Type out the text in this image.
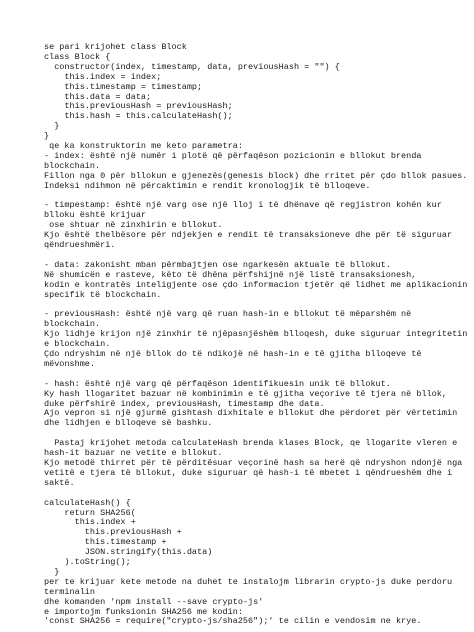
se pari krijohet class Block
class Block {
constructor(index, timestamp, data, previousHash = "") {
this.index = index;
this.timestamp = timestamp;
this.data = data;
this.previousHash = previousHash;
this.hash = this.calculateHash();
}
}
qe ka konstruktorin me keto parametra:
- index: është një numër i plotë që përfaqëson pozicionin e bllokut brenda
blockchain.
Fillon nga 0 për bllokun e gjenezës(genesis block) dhe rritet për çdo bllok pasues.
Indeksi ndihmon në përcaktimin e rendit kronologjik të blloqeve.
- timpestamp: është një varg ose një lloj i të dhënave që regjistron kohën kur
blloku është krijuar
ose shtuar në zinxhirin e bllokut.
Kjo është thelbësore për ndjekjen e rendit të transaksioneve dhe për të siguruar
qëndrueshmëri.
- data: zakonisht mban përmbajtjen ose ngarkesën aktuale të bllokut.
Në shumicën e rasteve, këto të dhëna përfshijnë një listë transaksionesh,
kodin e kontratës inteligjente ose çdo informacion tjetër që lidhet me aplikacionin
specifik të blockchain.
- previousHash: është një varg që ruan hash-in e bllokut të mëparshëm në
blockchain.
Kjo lidhje krijon një zinxhir të njëpasnjëshëm blloqesh, duke siguruar integritetin
e blockchain.
Çdo ndryshim në një bllok do të ndikojë në hash-in e të gjitha blloqeve të
mëvonshme.
- hash: është një varg që përfaqëson identifikuesin unik të bllokut.
Ky hash llogaritet bazuar në kombinimin e të gjitha veçorive të tjera në bllok,
duke përfshirë index, previousHash, timestamp dhe data.
Ajo vepron si një gjurmë gishtash dixhitale e bllokut dhe përdoret për vërtetimin
dhe lidhjen e blloqeve së bashku.
Pastaj krijohet metoda calculateHash brenda klases Block, qe llogarite vleren e
hash-it bazuar ne vetite e bllokut.
Kjo metodë thirret për të përditësuar veçorinë hash sa herë që ndryshon ndonjë nga
vetitë e tjera të bllokut, duke siguruar që hash-i të mbetet i qëndrueshëm dhe i
saktë.
calculateHash() {
return SHA256(
this.index +
this.previousHash +
this.timestamp +
JSON.stringify(this.data)
).toString();
}
per te krijuar kete metode na duhet te instalojm librarin crypto-js duke perdoru
terminalin
dhe komanden 'npm install --save crypto-js'
e importojm funksionin SHA256 me kodin:
'const SHA256 = require("crypto-js/sha256");' te cilin e vendosim ne krye.
